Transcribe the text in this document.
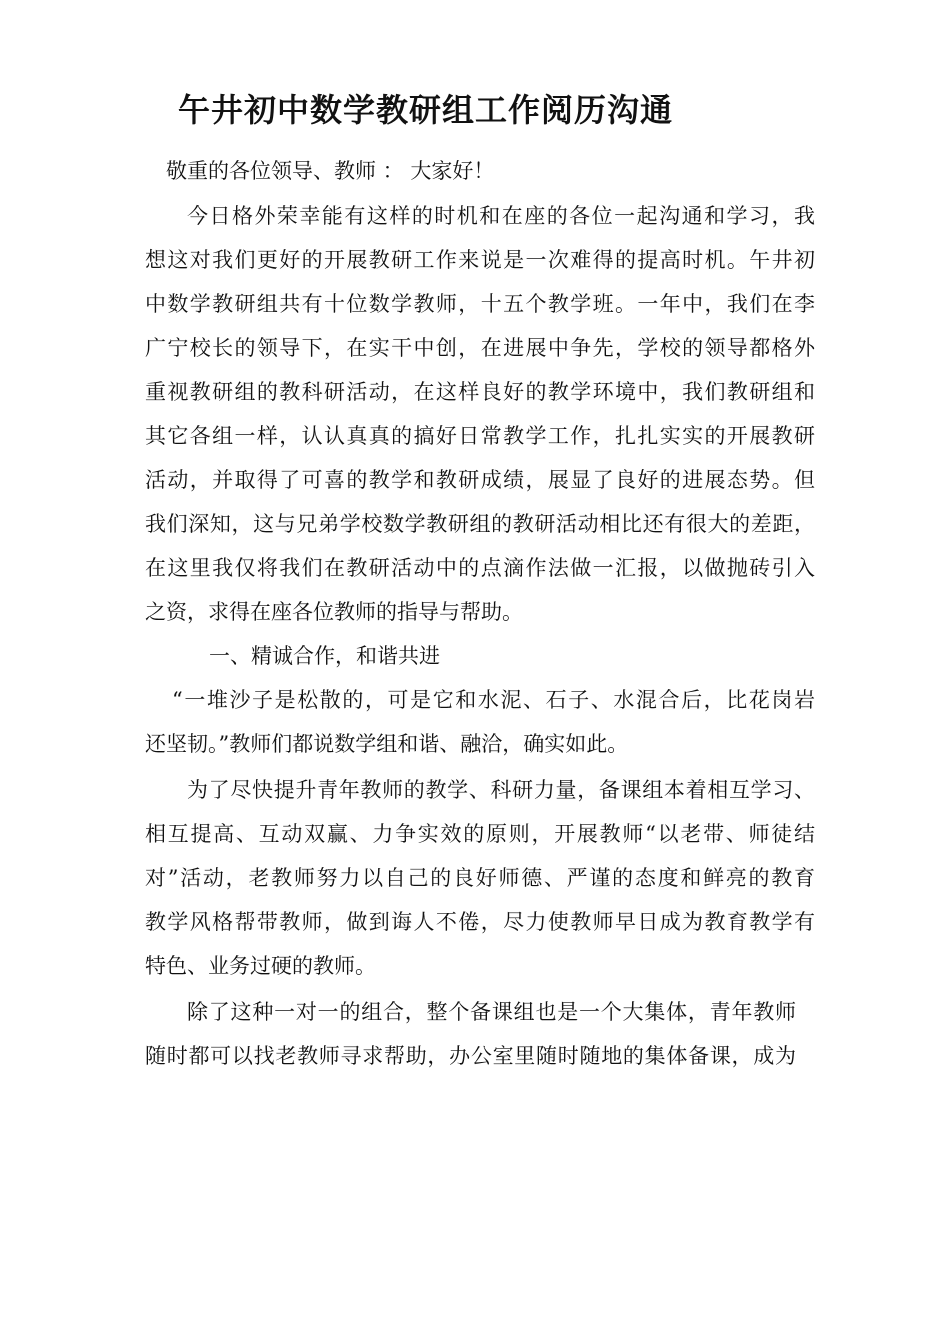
午井初中数学教研组工作阅历沟通
敬重的各位领导、教师 ： 大家好！
今日格外荣幸能有这样的时机和在座的各位一起沟通和学习，我
想这对我们更好的开展教研工作来说是一次难得的提高时机。午井初
中数学教研组共有十位数学教师，十五个教学班。一年中，我们在李
广宁校长的领导下，在实干中创，在进展中争先，学校的领导都格外
重视教研组的教科研活动，在这样良好的教学环境中，我们教研组和
其它各组一样，认认真真的搞好日常教学工作，扎扎实实的开展教研
活动，并取得了可喜的教学和教研成绩，展显了良好的进展态势。但
我们深知，这与兄弟学校数学教研组的教研活动相比还有很大的差距，
在这里我仅将我们在教研活动中的点滴作法做一汇报，以做抛砖引入
之资，求得在座各位教师的指导与帮助。
一、精诚合作，和谐共进
“一堆沙子是松散的，可是它和水泥、石子、水混合后，比花岗岩
还坚韧。”教师们都说数学组和谐、融洽，确实如此。
为了尽快提升青年教师的教学、科研力量，备课组本着相互学习、
相互提高、互动双赢、力争实效的原则，开展教师“以老带、师徒结
对”活动，老教师努力以自己的良好师德、严谨的态度和鲜亮的教育
教学风格帮带教师，做到诲人不倦，尽力使教师早日成为教育教学有
特色、业务过硬的教师。
除了这种一对一的组合，整个备课组也是一个大集体，青年教师
随时都可以找老教师寻求帮助，办公室里随时随地的集体备课，成为
